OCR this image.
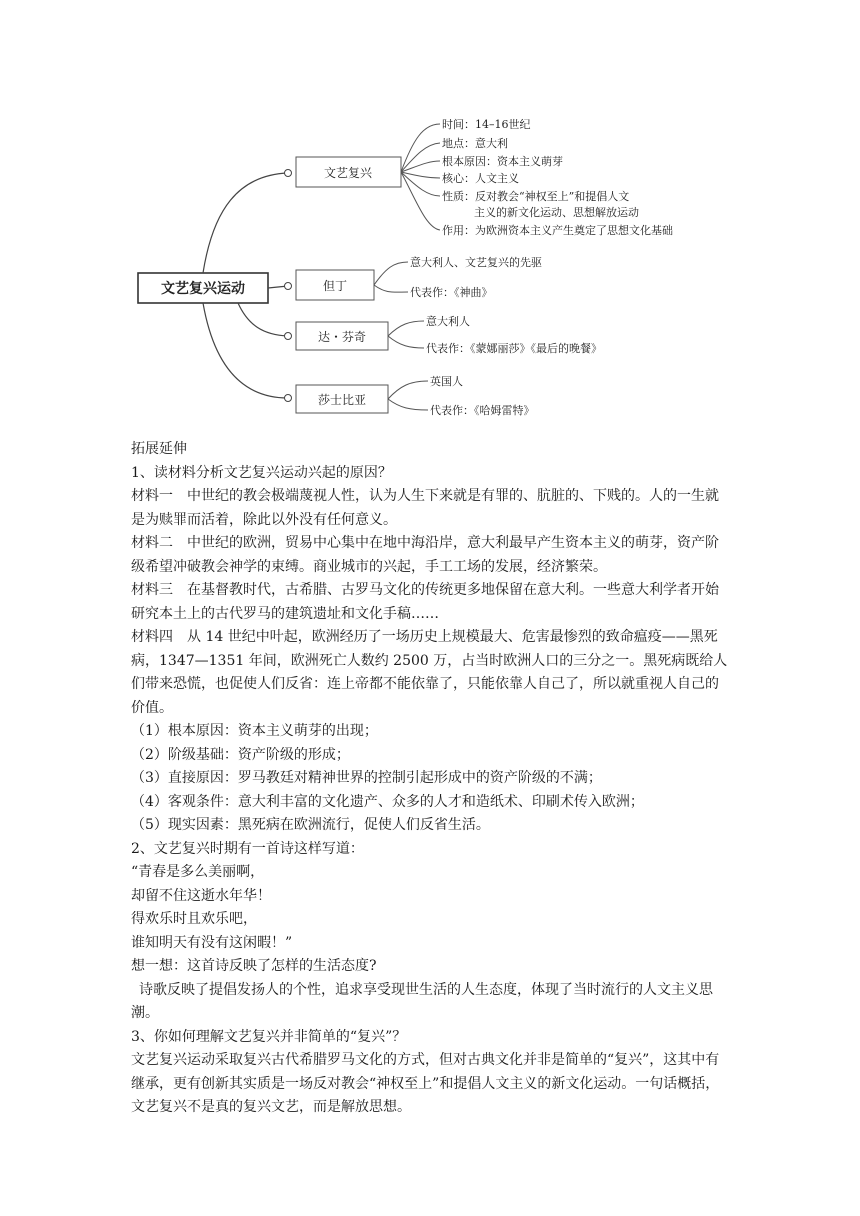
文艺复兴运动
文艺复兴
但丁
达・芬奇
莎士比亚
时间：14–16世纪
地点：意大利
根本原因：资本主义萌芽
核心：人文主义
性质：反对教会“神权至上”和提倡人文
主义的新文化运动、思想解放运动
作用：为欧洲资本主义产生奠定了思想文化基础
意大利人、文艺复兴的先驱
代表作：《神曲》
意大利人
代表作：《蒙娜丽莎》《最后的晚餐》
英国人
代表作：《哈姆雷特》

拓展延伸

1、读材料分析文艺复兴运动兴起的原因？

材料一　中世纪的教会极端蔑视人性，认为人生下来就是有罪的、肮脏的、下贱的。人的一生就是为赎罪而活着，除此以外没有任何意义。

材料二　中世纪的欧洲，贸易中心集中在地中海沿岸，意大利最早产生资本主义的萌芽，资产阶级希望冲破教会神学的束缚。商业城市的兴起，手工工场的发展，经济繁荣。

材料三　在基督教时代，古希腊、古罗马文化的传统更多地保留在意大利。一些意大利学者开始研究本土上的古代罗马的建筑遗址和文化手稿……

材料四　从 14 世纪中叶起，欧洲经历了一场历史上规模最大、危害最惨烈的致命瘟疫——黑死病，1347—1351 年间，欧洲死亡人数约 2500 万，占当时欧洲人口的三分之一。黑死病既给人们带来恐慌，也促使人们反省：连上帝都不能依靠了，只能依靠人自己了，所以就重视人自己的价值。

（1）根本原因：资本主义萌芽的出现；

（2）阶级基础：资产阶级的形成；

（3）直接原因：罗马教廷对精神世界的控制引起形成中的资产阶级的不满；

（4）客观条件：意大利丰富的文化遗产、众多的人才和造纸术、印刷术传入欧洲；

（5）现实因素：黑死病在欧洲流行，促使人们反省生活。

2、文艺复兴时期有一首诗这样写道：

“青春是多么美丽啊，

却留不住这逝水年华！

得欢乐时且欢乐吧，

谁知明天有没有这闲暇！”

想一想：这首诗反映了怎样的生活态度?

诗歌反映了提倡发扬人的个性，追求享受现世生活的人生态度，体现了当时流行的人文主义思潮。

3、你如何理解文艺复兴并非简单的“复兴”？

文艺复兴运动采取复兴古代希腊罗马文化的方式，但对古典文化并非是简单的“复兴”，这其中有继承，更有创新其实质是一场反对教会“神权至上”和提倡人文主义的新文化运动。一句话概括，文艺复兴不是真的复兴文艺，而是解放思想。
